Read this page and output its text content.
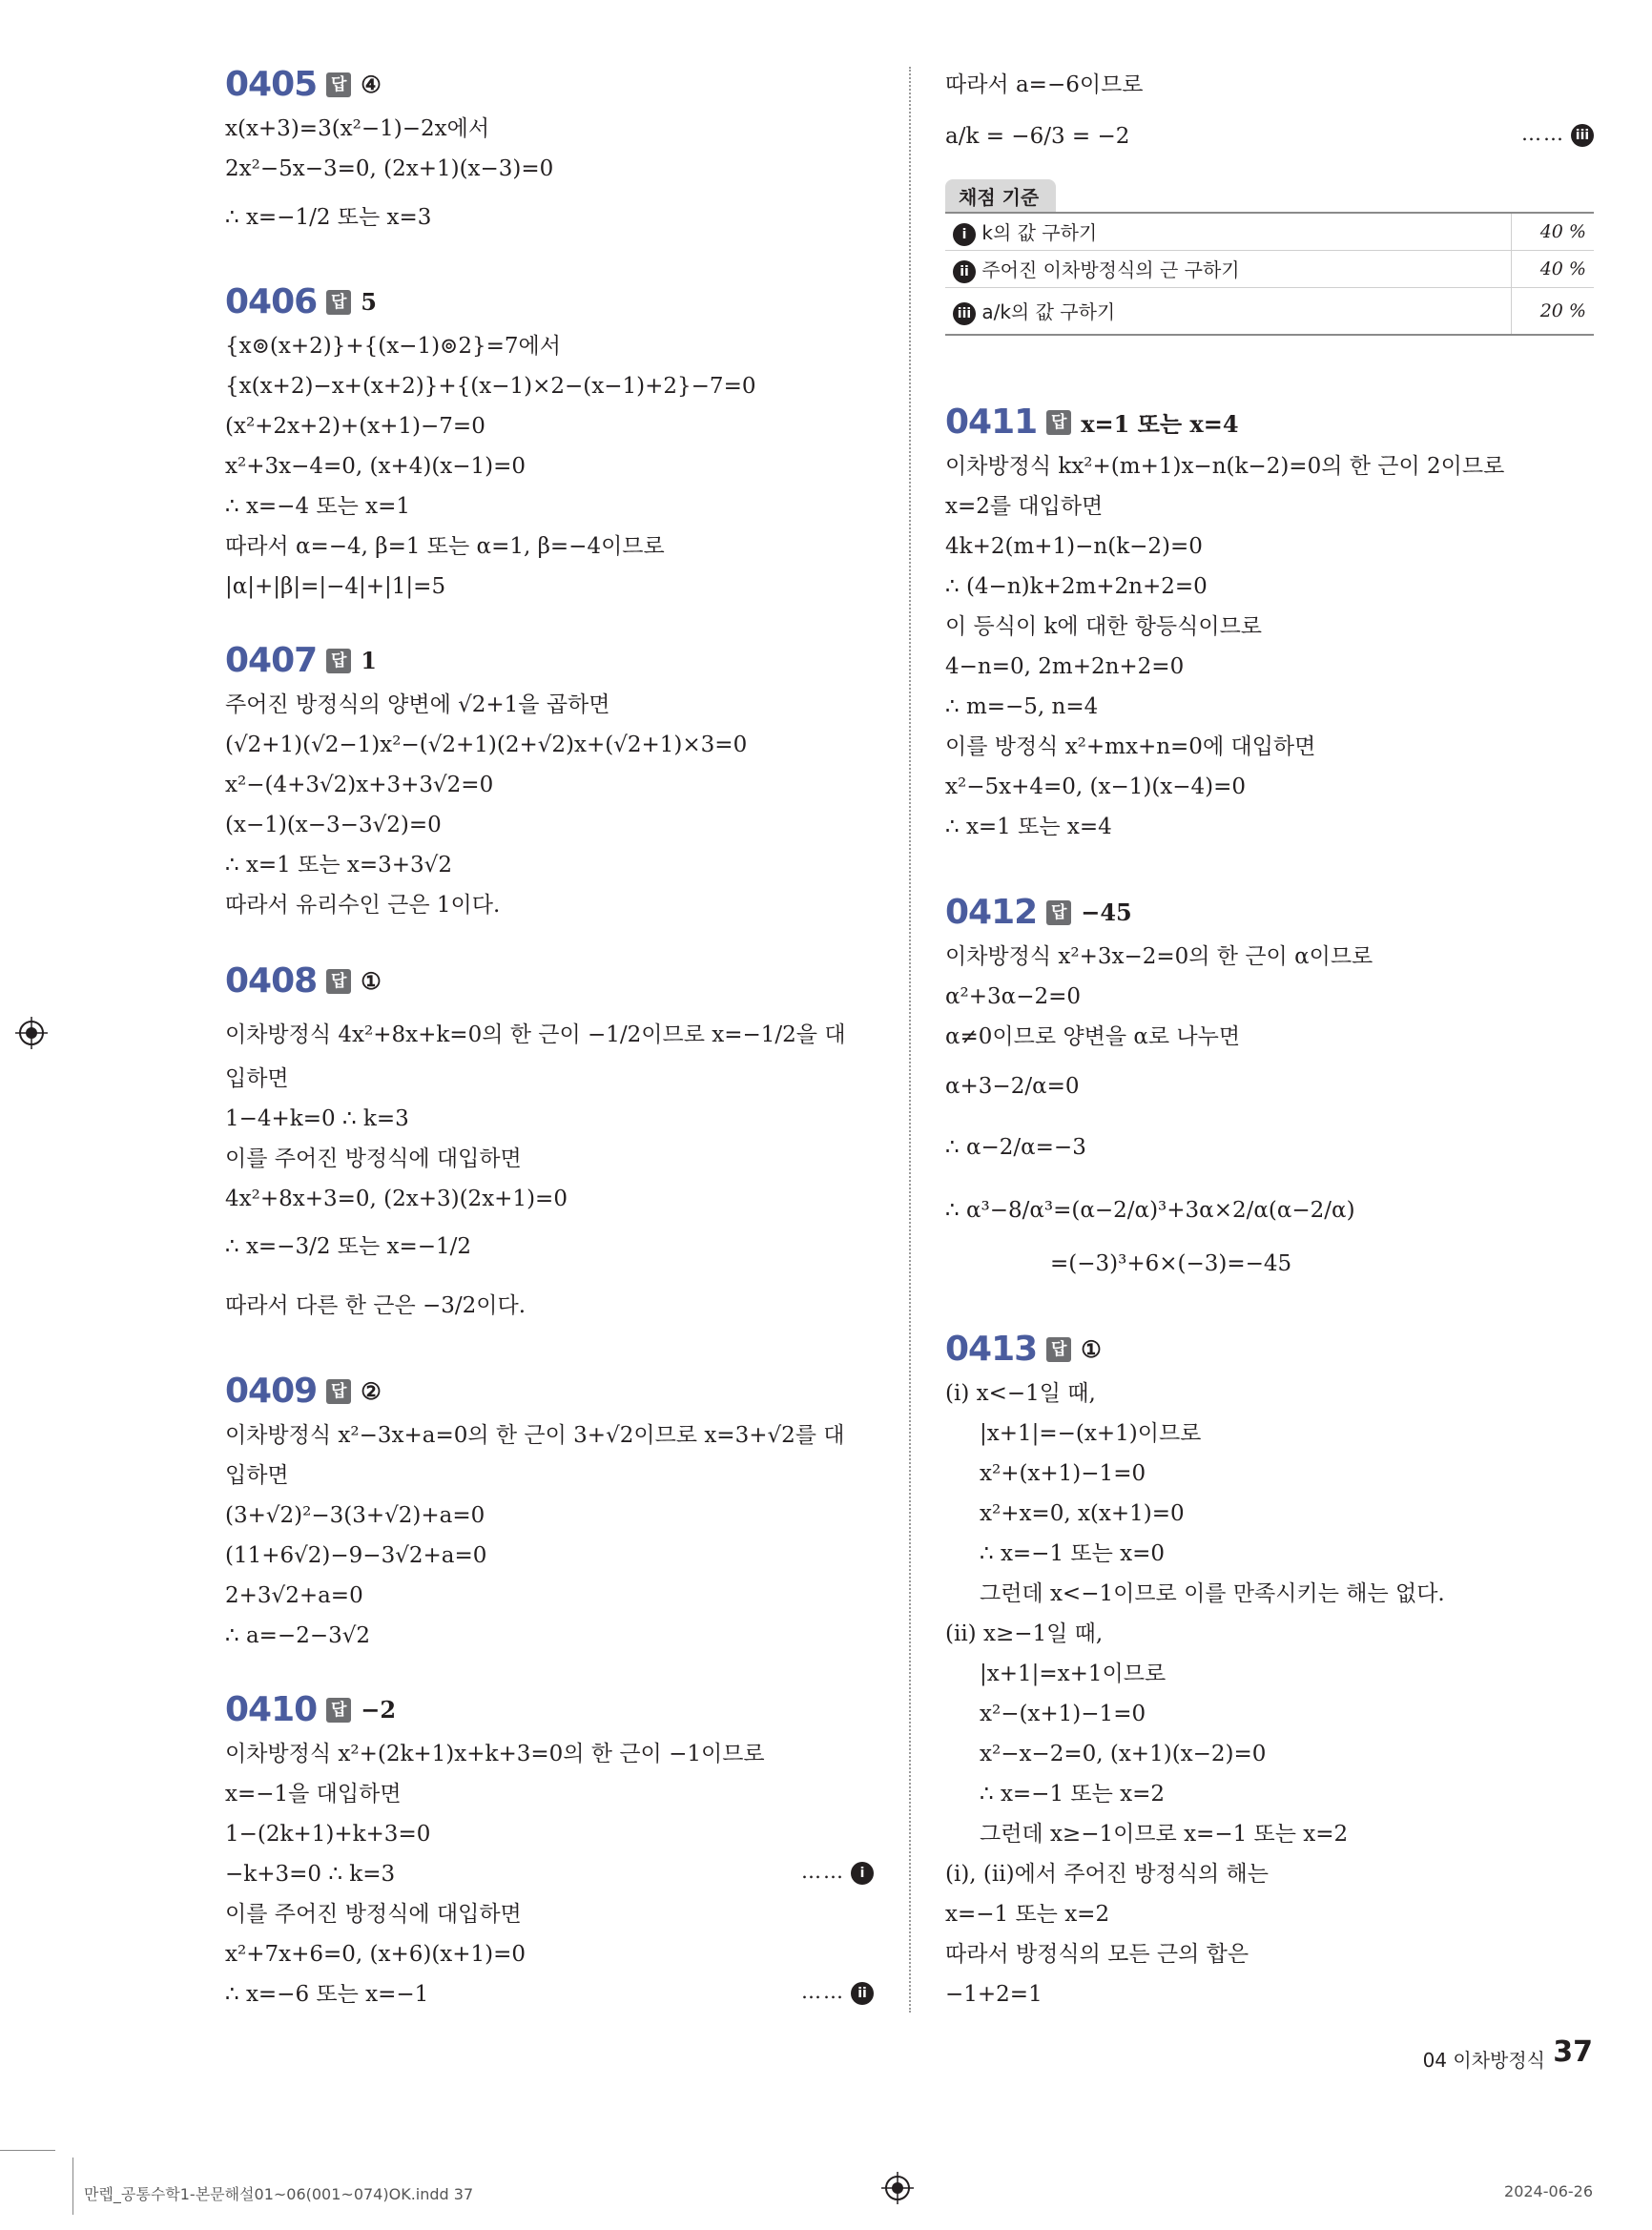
0405 답 ④
x(x+3)=3(x²−1)−2x에서
2x²−5x−3=0, (2x+1)(x−3)=0
∴ x=−1/2 또는 x=3
0406 답 5
{x⊚(x+2)}+{(x−1)⊚2}=7에서
{x(x+2)−x+(x+2)}+{(x−1)×2−(x−1)+2}−7=0
(x²+2x+2)+(x+1)−7=0
x²+3x−4=0, (x+4)(x−1)=0
∴ x=−4 또는 x=1
따라서 α=−4, β=1 또는 α=1, β=−4이므로
|α|+|β|=|−4|+|1|=5
0407 답 1
주어진 방정식의 양변에 √2+1을 곱하면
(√2+1)(√2−1)x²−(√2+1)(2+√2)x+(√2+1)×3=0
x²−(4+3√2)x+3+3√2=0
(x−1)(x−3−3√2)=0
∴ x=1 또는 x=3+3√2
따라서 유리수인 근은 1이다.
0408 답 ①
이차방정식 4x²+8x+k=0의 한 근이 −1/2이므로 x=−1/2을 대
입하면
1−4+k=0 ∴ k=3
이를 주어진 방정식에 대입하면
4x²+8x+3=0, (2x+3)(2x+1)=0
∴ x=−3/2 또는 x=−1/2
따라서 다른 한 근은 −3/2이다.
0409 답 ②
이차방정식 x²−3x+a=0의 한 근이 3+√2이므로 x=3+√2를 대
입하면
(3+√2)²−3(3+√2)+a=0
(11+6√2)−9−3√2+a=0
2+3√2+a=0
∴ a=−2−3√2
0410 답 −2
이차방정식 x²+(2k+1)x+k+3=0의 한 근이 −1이므로
x=−1을 대입하면
1−(2k+1)+k+3=0
−k+3=0 ∴ k=3	…… i
이를 주어진 방정식에 대입하면
x²+7x+6=0, (x+6)(x+1)=0
∴ x=−6 또는 x=−1	…… ii
따라서 a=−6이므로
a/k = −6/3 = −2	…… iii
채점 기준
i k의 값 구하기	40 %
ii 주어진 이차방정식의 근 구하기	40 %
iii a/k의 값 구하기	20 %
0411 답 x=1 또는 x=4
이차방정식 kx²+(m+1)x−n(k−2)=0의 한 근이 2이므로
x=2를 대입하면
4k+2(m+1)−n(k−2)=0
∴ (4−n)k+2m+2n+2=0
이 등식이 k에 대한 항등식이므로
4−n=0, 2m+2n+2=0
∴ m=−5, n=4
이를 방정식 x²+mx+n=0에 대입하면
x²−5x+4=0, (x−1)(x−4)=0
∴ x=1 또는 x=4
0412 답 −45
이차방정식 x²+3x−2=0의 한 근이 α이므로
α²+3α−2=0
α≠0이므로 양변을 α로 나누면
α+3−2/α=0
∴ α−2/α=−3
∴ α³−8/α³=(α−2/α)³+3α×2/α(α−2/α)
=(−3)³+6×(−3)=−45
0413 답 ①
(i) x<−1일 때,
|x+1|=−(x+1)이므로
x²+(x+1)−1=0
x²+x=0, x(x+1)=0
∴ x=−1 또는 x=0
그런데 x<−1이므로 이를 만족시키는 해는 없다.
(ii) x≥−1일 때,
|x+1|=x+1이므로
x²−(x+1)−1=0
x²−x−2=0, (x+1)(x−2)=0
∴ x=−1 또는 x=2
그런데 x≥−1이므로 x=−1 또는 x=2
(i), (ii)에서 주어진 방정식의 해는
x=−1 또는 x=2
따라서 방정식의 모든 근의 합은
−1+2=1
04 이차방정식 37
만렙_공통수학1-본문해설01~06(001~074)OK.indd 37	2024-06-26
